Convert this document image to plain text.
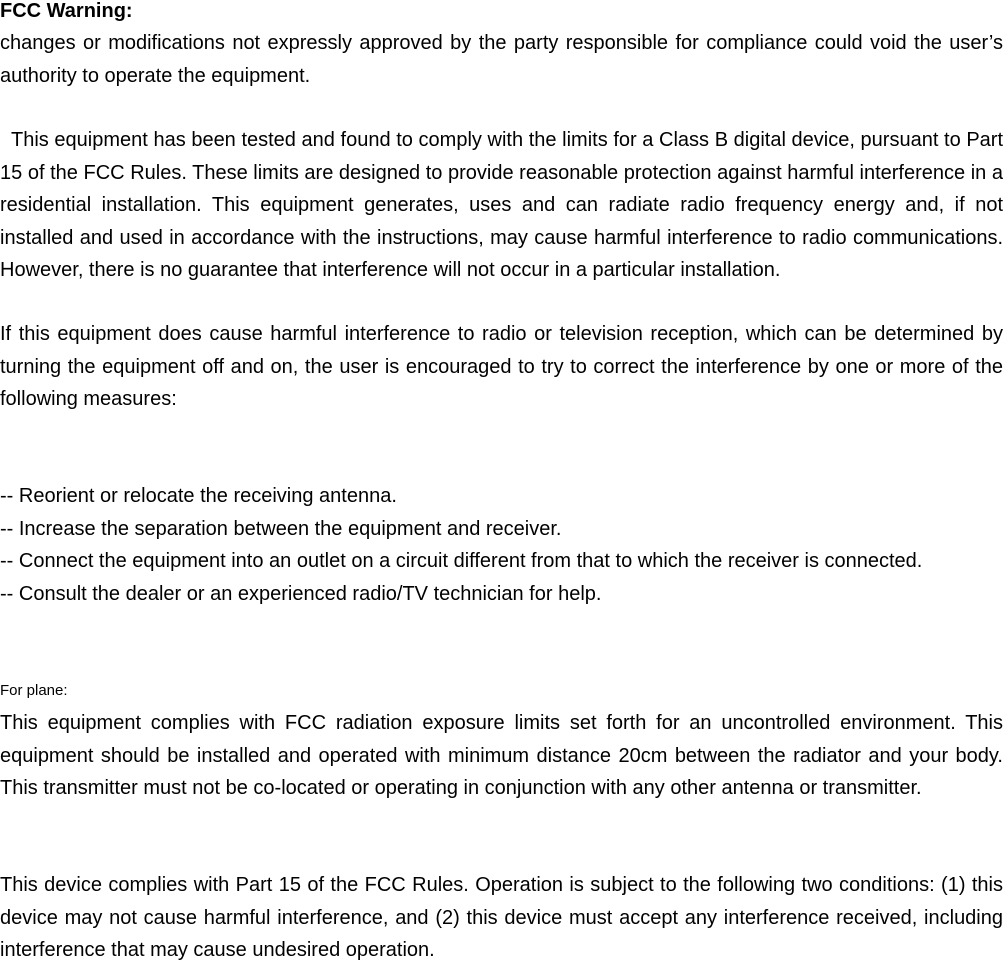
FCC Warning:

changes or modifications not expressly approved by the party responsible for compliance could void the user’s authority to operate the equipment.

This equipment has been tested and found to comply with the limits for a Class B digital device, pursuant to Part 15 of the FCC Rules. These limits are designed to provide reasonable protection against harmful interference in a residential installation. This equipment generates, uses and can radiate radio frequency energy and, if not installed and used in accordance with the instructions, may cause harmful interference to radio communications. However, there is no guarantee that interference will not occur in a particular installation.

If this equipment does cause harmful interference to radio or television reception, which can be determined by turning the equipment off and on, the user is encouraged to try to correct the interference by one or more of the following measures:

-- Reorient or relocate the receiving antenna.
-- Increase the separation between the equipment and receiver.
-- Connect the equipment into an outlet on a circuit different from that to which the receiver is connected.
-- Consult the dealer or an experienced radio/TV technician for help.

For plane:

This equipment complies with FCC radiation exposure limits set forth for an uncontrolled environment. This equipment should be installed and operated with minimum distance 20cm between the radiator and your body. This transmitter must not be co-located or operating in conjunction with any other antenna or transmitter.

This device complies with Part 15 of the FCC Rules. Operation is subject to the following two conditions: (1) this device may not cause harmful interference, and (2) this device must accept any interference received, including interference that may cause undesired operation.
